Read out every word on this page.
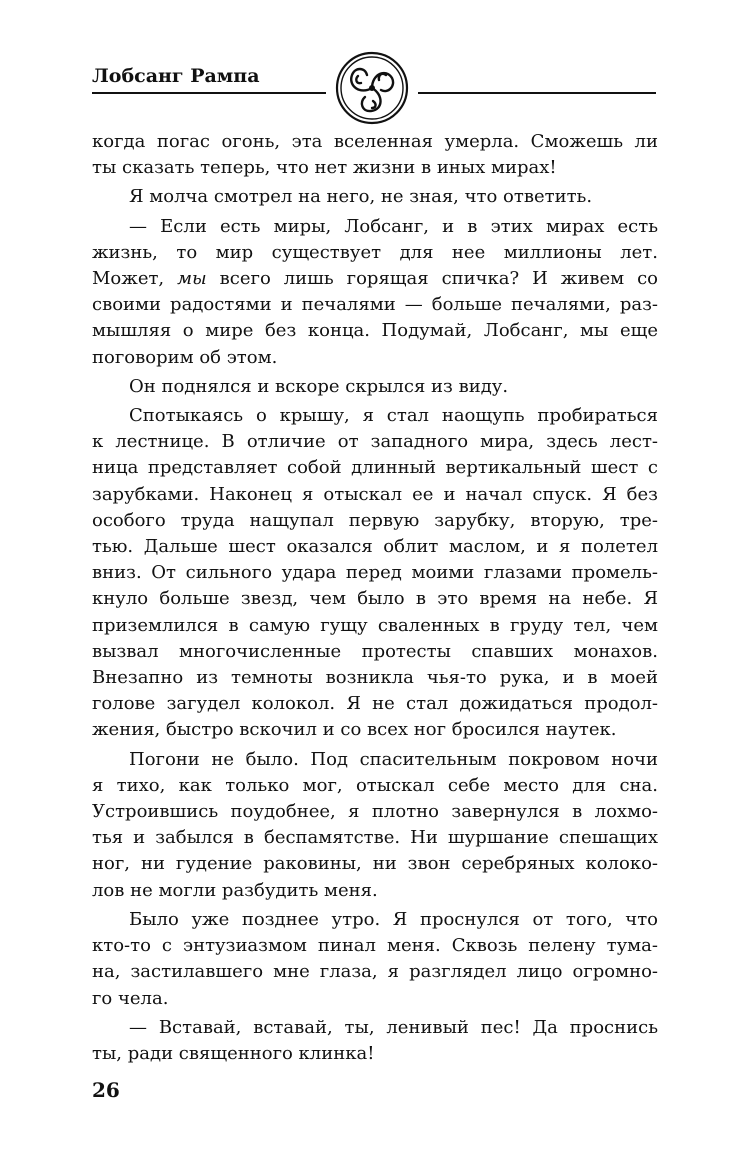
Лобсанг Рампа

когда погас огонь, эта вселенная умерла. Сможешь ли
ты сказать теперь, что нет жизни в иных мирах!

Я молча смотрел на него, не зная, что ответить.

— Если есть миры, Лобсанг, и в этих мирах есть
жизнь, то мир существует для нее миллионы лет.
Может, мы всего лишь горящая спичка? И живем со
своими радостями и печалями — больше печалями, раз-
мышляя о мире без конца. Подумай, Лобсанг, мы еще
поговорим об этом.

Он поднялся и вскоре скрылся из виду.

Спотыкаясь о крышу, я стал наощупь пробираться
к лестнице. В отличие от западного мира, здесь лест-
ница представляет собой длинный вертикальный шест с
зарубками. Наконец я отыскал ее и начал спуск. Я без
особого труда нащупал первую зарубку, вторую, тре-
тью. Дальше шест оказался облит маслом, и я полетел
вниз. От сильного удара перед моими глазами промель-
кнуло больше звезд, чем было в это время на небе. Я
приземлился в самую гущу сваленных в груду тел, чем
вызвал многочисленные протесты спавших монахов.
Внезапно из темноты возникла чья-то рука, и в моей
голове загудел колокол. Я не стал дожидаться продол-
жения, быстро вскочил и со всех ног бросился наутек.

Погони не было. Под спасительным покровом ночи
я тихо, как только мог, отыскал себе место для сна.
Устроившись поудобнее, я плотно завернулся в лохмо-
тья и забылся в беспамятстве. Ни шуршание спешащих
ног, ни гудение раковины, ни звон серебряных колоко-
лов не могли разбудить меня.

Было уже позднее утро. Я проснулся от того, что
кто-то с энтузиазмом пинал меня. Сквозь пелену тума-
на, застилавшего мне глаза, я разглядел лицо огромно-
го чела.

— Вставай, вставай, ты, ленивый пес! Да проснись
ты, ради священного клинка!

26
